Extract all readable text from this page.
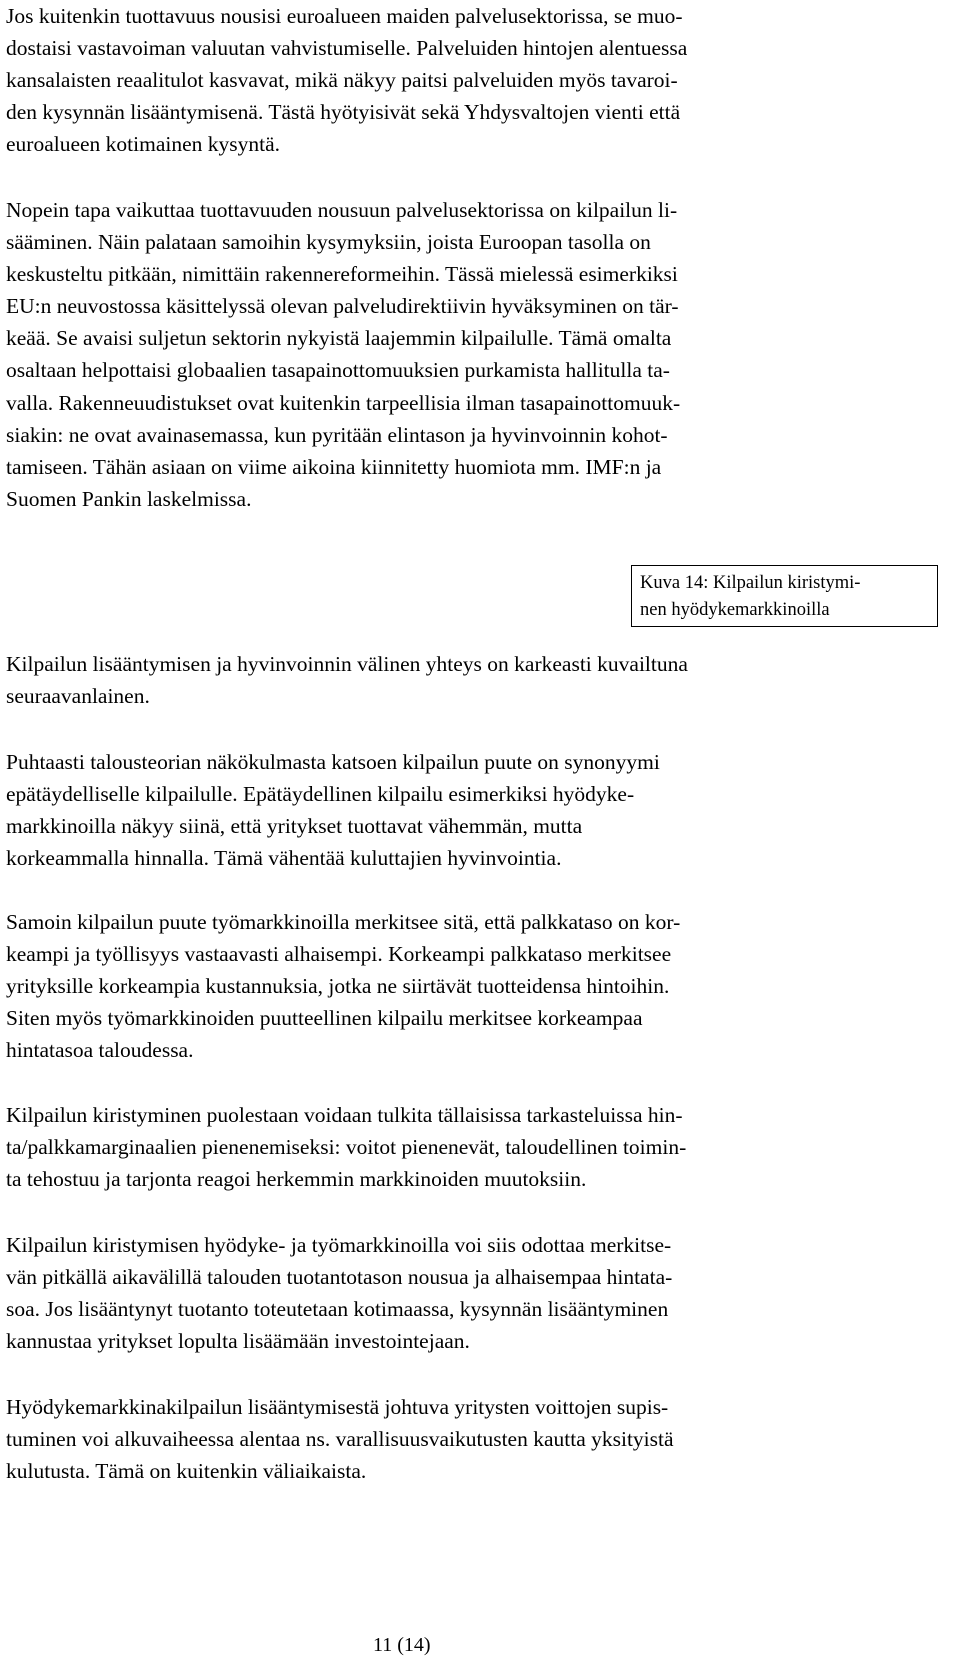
Jos kuitenkin tuottavuus nousisi euroalueen maiden palvelusektorissa, se muo-
dostaisi vastavoiman valuutan vahvistumiselle. Palveluiden hintojen alentuessa
kansalaisten reaalitulot kasvavat, mikä näkyy paitsi palveluiden myös tavaroi-
den kysynnän lisääntymisenä. Tästä hyötyisivät sekä Yhdysvaltojen vienti että
euroalueen kotimainen kysyntä.

Nopein tapa vaikuttaa tuottavuuden nousuun palvelusektorissa on kilpailun li-
sääminen. Näin palataan samoihin kysymyksiin, joista Euroopan tasolla on
keskusteltu pitkään, nimittäin rakennereformeihin. Tässä mielessä esimerkiksi
EU:n neuvostossa käsittelyssä olevan palveludirektiivin hyväksyminen on tär-
keää. Se avaisi suljetun sektorin nykyistä laajemmin kilpailulle. Tämä omalta
osaltaan helpottaisi globaalien tasapainottomuuksien purkamista hallitulla ta-
valla. Rakenneuudistukset ovat kuitenkin tarpeellisia ilman tasapainottomuuk-
siakin: ne ovat avainasemassa, kun pyritään elintason ja hyvinvoinnin kohot-
tamiseen. Tähän asiaan on viime aikoina kiinnitetty huomiota mm. IMF:n ja
Suomen Pankin laskelmissa.

Kuva 14: Kilpailun kiristymi-
nen hyödykemarkkinoilla

Kilpailun lisääntymisen ja hyvinvoinnin välinen yhteys on karkeasti kuvailtuna
seuraavanlainen.

Puhtaasti talousteorian näkökulmasta katsoen kilpailun puute on synonyymi
epätäydelliselle kilpailulle. Epätäydellinen kilpailu esimerkiksi hyödyke-
markkinoilla näkyy siinä, että yritykset tuottavat vähemmän, mutta
korkeammalla hinnalla. Tämä vähentää kuluttajien hyvinvointia.

Samoin kilpailun puute työmarkkinoilla merkitsee sitä, että palkkataso on kor-
keampi ja työllisyys vastaavasti alhaisempi. Korkeampi palkkataso merkitsee
yrityksille korkeampia kustannuksia, jotka ne siirtävät tuotteidensa hintoihin.
Siten myös työmarkkinoiden puutteellinen kilpailu merkitsee korkeampaa
hintatasoa taloudessa.

Kilpailun kiristyminen puolestaan voidaan tulkita tällaisissa tarkasteluissa hin-
ta/palkkamarginaalien pienenemiseksi: voitot pienenevät, taloudellinen toimin-
ta tehostuu ja tarjonta reagoi herkemmin markkinoiden muutoksiin.

Kilpailun kiristymisen hyödyke- ja työmarkkinoilla voi siis odottaa merkitse-
vän pitkällä aikavälillä talouden tuotantotason nousua ja alhaisempaa hintata-
soa. Jos lisääntynyt tuotanto toteutetaan kotimaassa, kysynnän lisääntyminen
kannustaa yritykset lopulta lisäämään investointejaan.

Hyödykemarkkinakilpailun lisääntymisestä johtuva yritysten voittojen supis-
tuminen voi alkuvaiheessa alentaa ns. varallisuusvaikutusten kautta yksityistä
kulutusta. Tämä on kuitenkin väliaikaista.

11 (14)
